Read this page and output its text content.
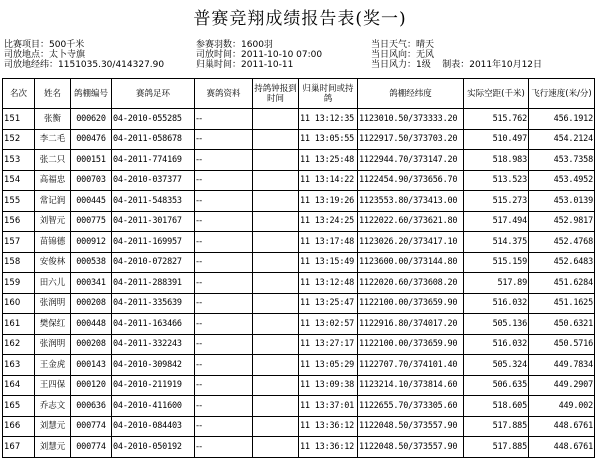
普赛竞翔成绩报告表(奖一)
比赛项目：500千米
司放地点：太卜寺旗
司放地经纬：1151035.30/414327.90
参赛羽数：1600羽
司放时间：2011-10-10 07:00
归巢时间：2011-10-11
当日天气：晴天
当日风向：无风
当日风力：1级 制表：2011年10月12日
名次	姓名	鸽棚编号	赛鸽足环	赛鸽资料	持鸽钟报到时间	归巢时间或持鸽	鸽棚经纬度	实际空距(千米)	飞行速度(米/分)
151	张衡	000620	04-2010-055285	--		11 13:12:35	1123010.50/373333.20	515.762	456.1912
152	李二毛	000476	04-2011-058678	--		11 13:05:55	1122917.50/373703.20	510.497	454.2124
153	张二只	000151	04-2011-774169	--		11 13:25:48	1122944.70/373147.20	518.983	453.7358
154	高福忠	000703	04-2010-037377	--		11 13:14:22	1122454.90/373656.70	513.523	453.4952
155	常记润	000445	04-2011-548353	--		11 13:19:26	1123553.80/373413.00	515.273	453.0139
156	刘智元	000775	04-2011-301767	--		11 13:24:25	1122022.60/373621.80	517.494	452.9817
157	苗锦德	000912	04-2011-169957	--		11 13:17:48	1123026.20/373417.10	514.375	452.4768
158	安俊林	000538	04-2010-072827	--		11 13:15:49	1123600.00/373144.80	515.159	452.6483
159	田六儿	000341	04-2011-288391	--		11 13:12:48	1122020.60/373608.20	517.89	451.6284
160	张润明	000208	04-2011-335639	--		11 13:25:47	1122100.00/373659.90	516.032	451.1625
161	樊保红	000448	04-2011-163466	--		11 13:02:57	1122916.80/374017.20	505.136	450.6321
162	张润明	000208	04-2011-332243	--		11 13:27:17	1122100.00/373659.90	516.032	450.5716
163	王金虎	000143	04-2010-309842	--		11 13:05:29	1122707.70/374101.40	505.324	449.7834
164	王四保	000120	04-2010-211919	--		11 13:09:38	1123214.10/373814.60	506.635	449.2907
165	乔志文	000636	04-2010-411600	--		11 13:37:01	1122655.70/373305.60	518.605	449.002
166	刘慧元	000774	04-2010-084403	--		11 13:36:12	1122048.50/373557.90	517.885	448.6761
167	刘慧元	000774	04-2010-050192	--		11 13:36:12	1122048.50/373557.90	517.885	448.6761
